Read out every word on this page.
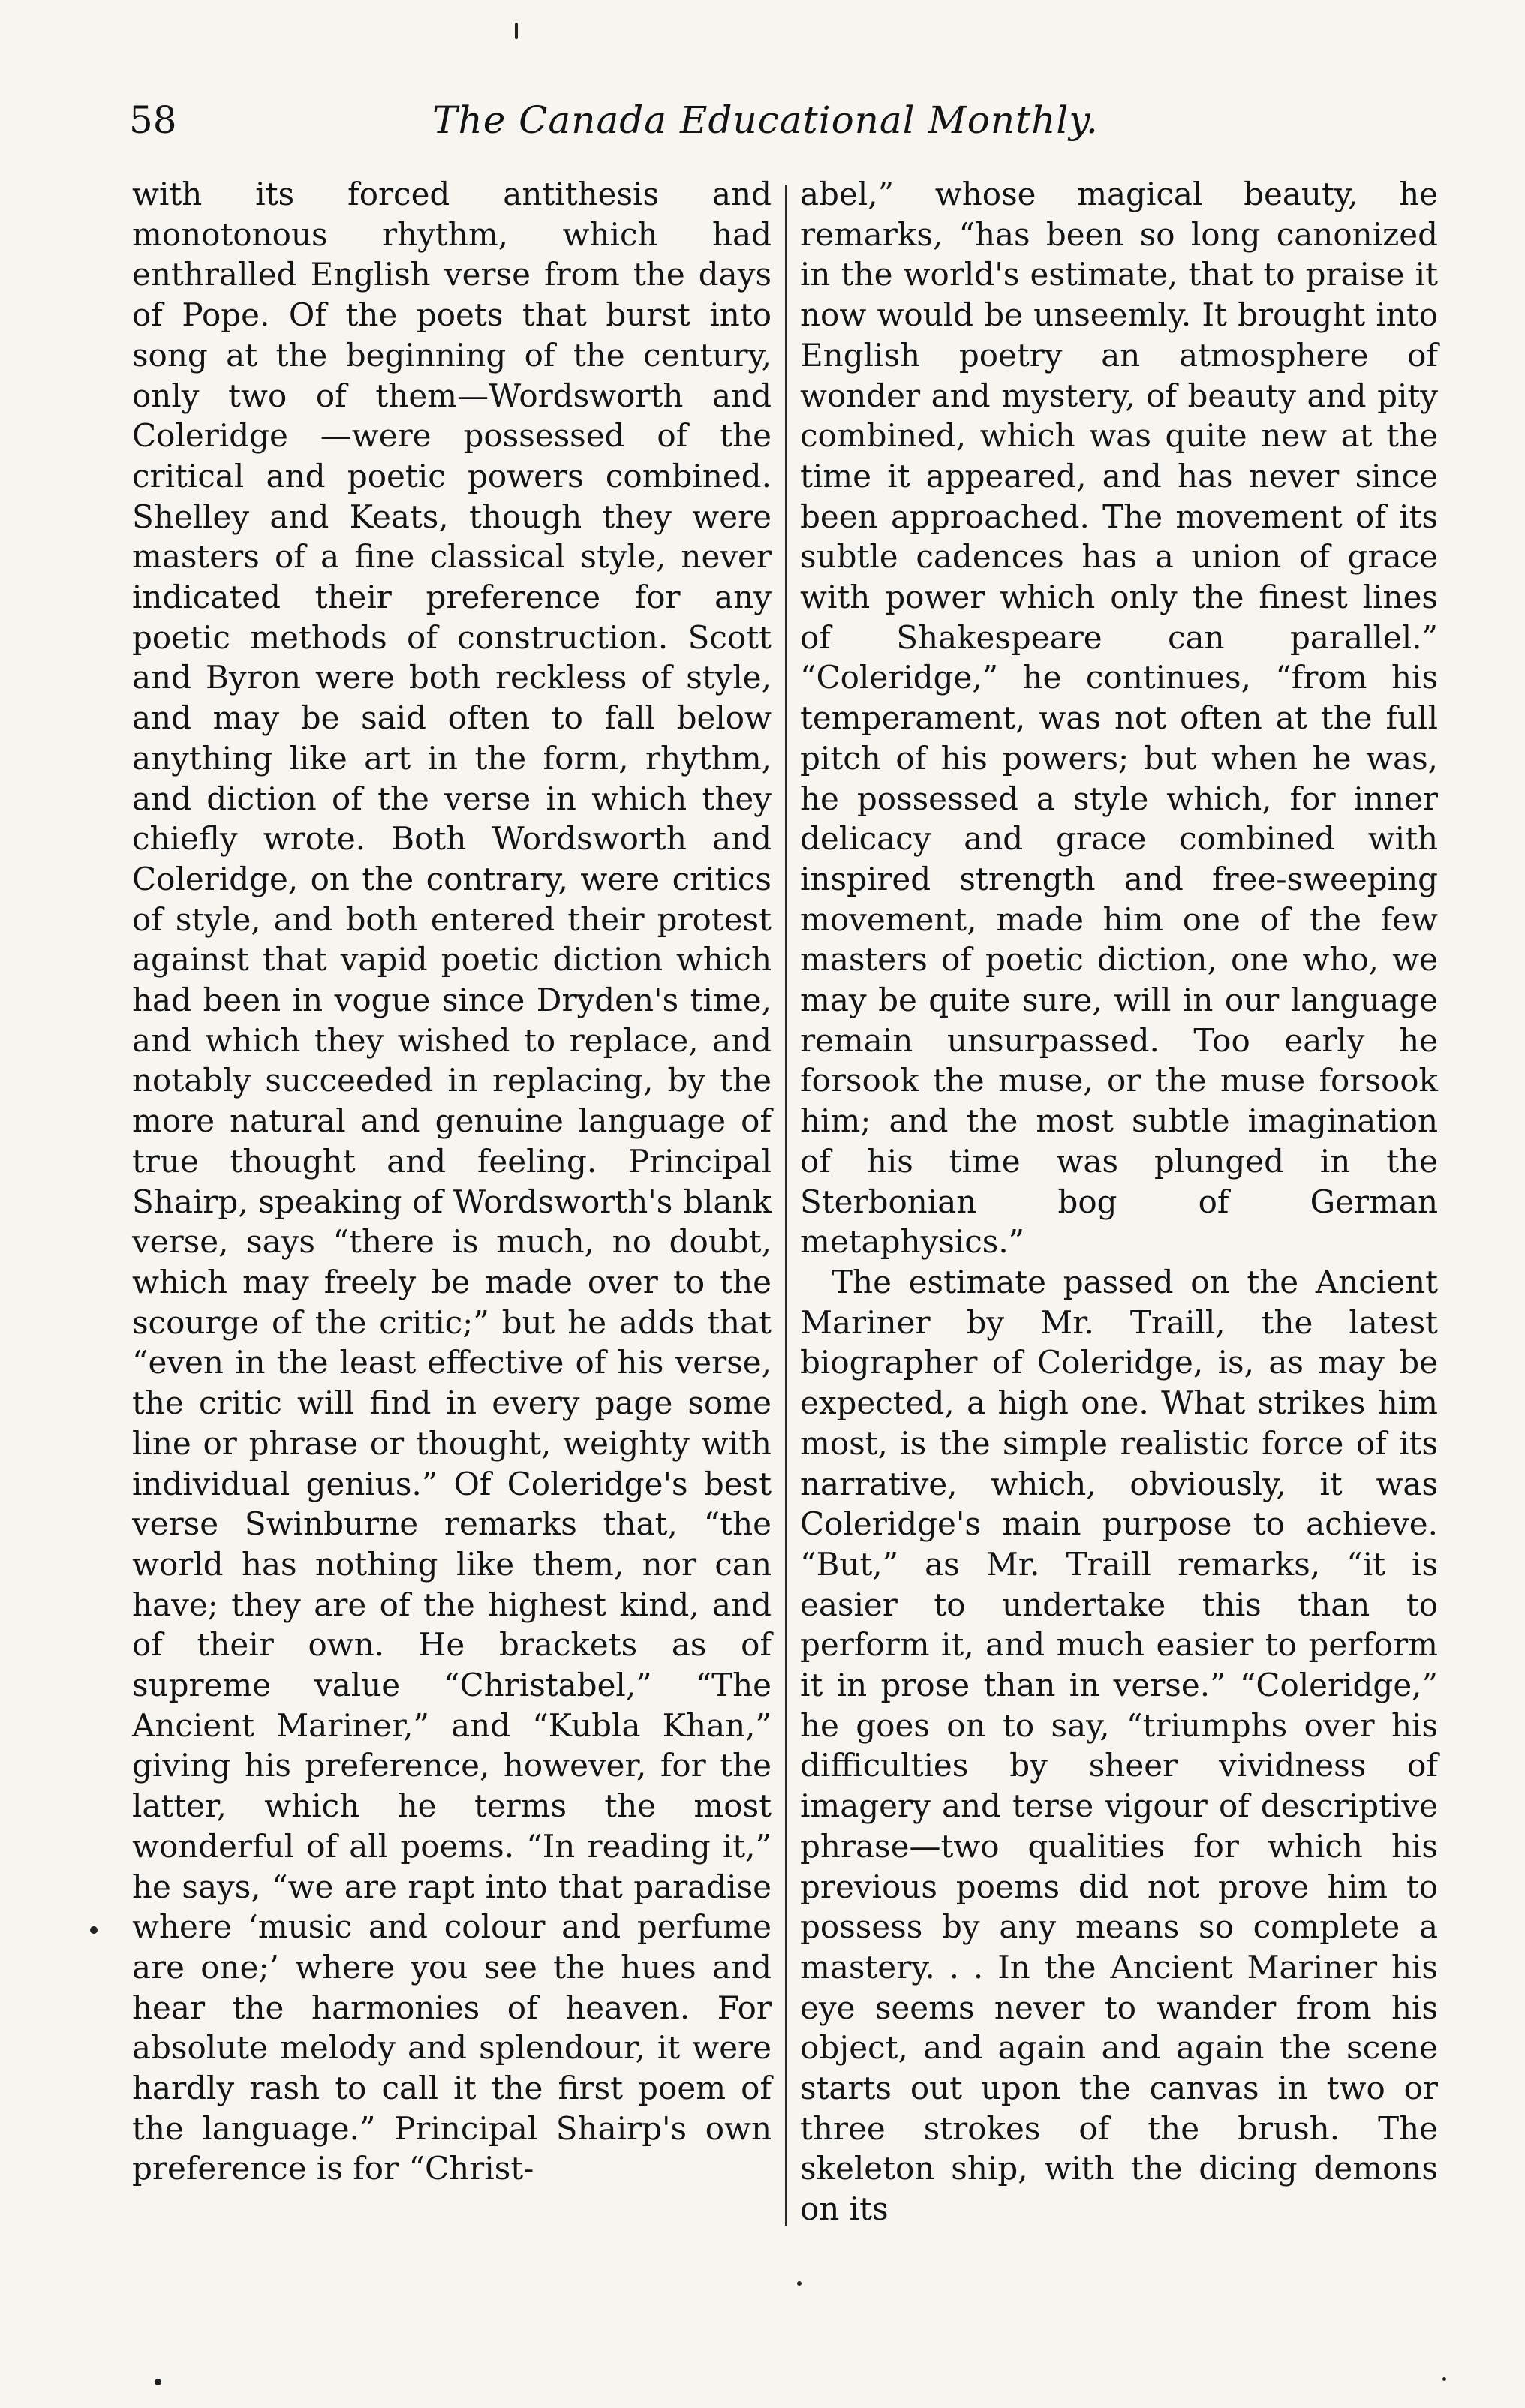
58	The Canada Educational Monthly.

with its forced antithesis and monotonous rhythm, which had enthralled English verse from the days of Pope. Of the poets that burst into song at the beginning of the century, only two of them—Wordsworth and Coleridge —were possessed of the critical and poetic powers combined. Shelley and Keats, though they were masters of a fine classical style, never indicated their preference for any poetic methods of construction. Scott and Byron were both reckless of style, and may be said often to fall below anything like art in the form, rhythm, and diction of the verse in which they chiefly wrote. Both Wordsworth and Coleridge, on the contrary, were critics of style, and both entered their protest against that vapid poetic diction which had been in vogue since Dryden's time, and which they wished to replace, and notably succeeded in replacing, by the more natural and genuine language of true thought and feeling. Principal Shairp, speaking of Wordsworth's blank verse, says “there is much, no doubt, which may freely be made over to the scourge of the critic;” but he adds that “even in the least effective of his verse, the critic will find in every page some line or phrase or thought, weighty with individual genius.” Of Coleridge's best verse Swinburne remarks that, “the world has nothing like them, nor can have; they are of the highest kind, and of their own. He brackets as of supreme value “Christabel,” “The Ancient Mariner,” and “Kubla Khan,” giving his preference, however, for the latter, which he terms the most wonderful of all poems. “In reading it,” he says, “we are rapt into that paradise where ‘music and colour and perfume are one;’ where you see the hues and hear the harmonies of heaven. For absolute melody and splendour, it were hardly rash to call it the first poem of the language.” Principal Shairp's own preference is for “Christ-

abel,” whose magical beauty, he remarks, “has been so long canonized in the world's estimate, that to praise it now would be unseemly. It brought into English poetry an atmosphere of wonder and mystery, of beauty and pity combined, which was quite new at the time it appeared, and has never since been approached. The movement of its subtle cadences has a union of grace with power which only the finest lines of Shakespeare can parallel.” “Coleridge,” he continues, “from his temperament, was not often at the full pitch of his powers; but when he was, he possessed a style which, for inner delicacy and grace combined with inspired strength and free-sweeping movement, made him one of the few masters of poetic diction, one who, we may be quite sure, will in our language remain unsurpassed. Too early he forsook the muse, or the muse forsook him; and the most subtle imagination of his time was plunged in the Sterbonian bog of German metaphysics.”

The estimate passed on the Ancient Mariner by Mr. Traill, the latest biographer of Coleridge, is, as may be expected, a high one. What strikes him most, is the simple realistic force of its narrative, which, obviously, it was Coleridge's main purpose to achieve. “But,” as Mr. Traill remarks, “it is easier to undertake this than to perform it, and much easier to perform it in prose than in verse.” “Coleridge,” he goes on to say, “triumphs over his difficulties by sheer vividness of imagery and terse vigour of descriptive phrase—two qualities for which his previous poems did not prove him to possess by any means so complete a mastery. . . In the Ancient Mariner his eye seems never to wander from his object, and again and again the scene starts out upon the canvas in two or three strokes of the brush. The skeleton ship, with the dicing demons on its
